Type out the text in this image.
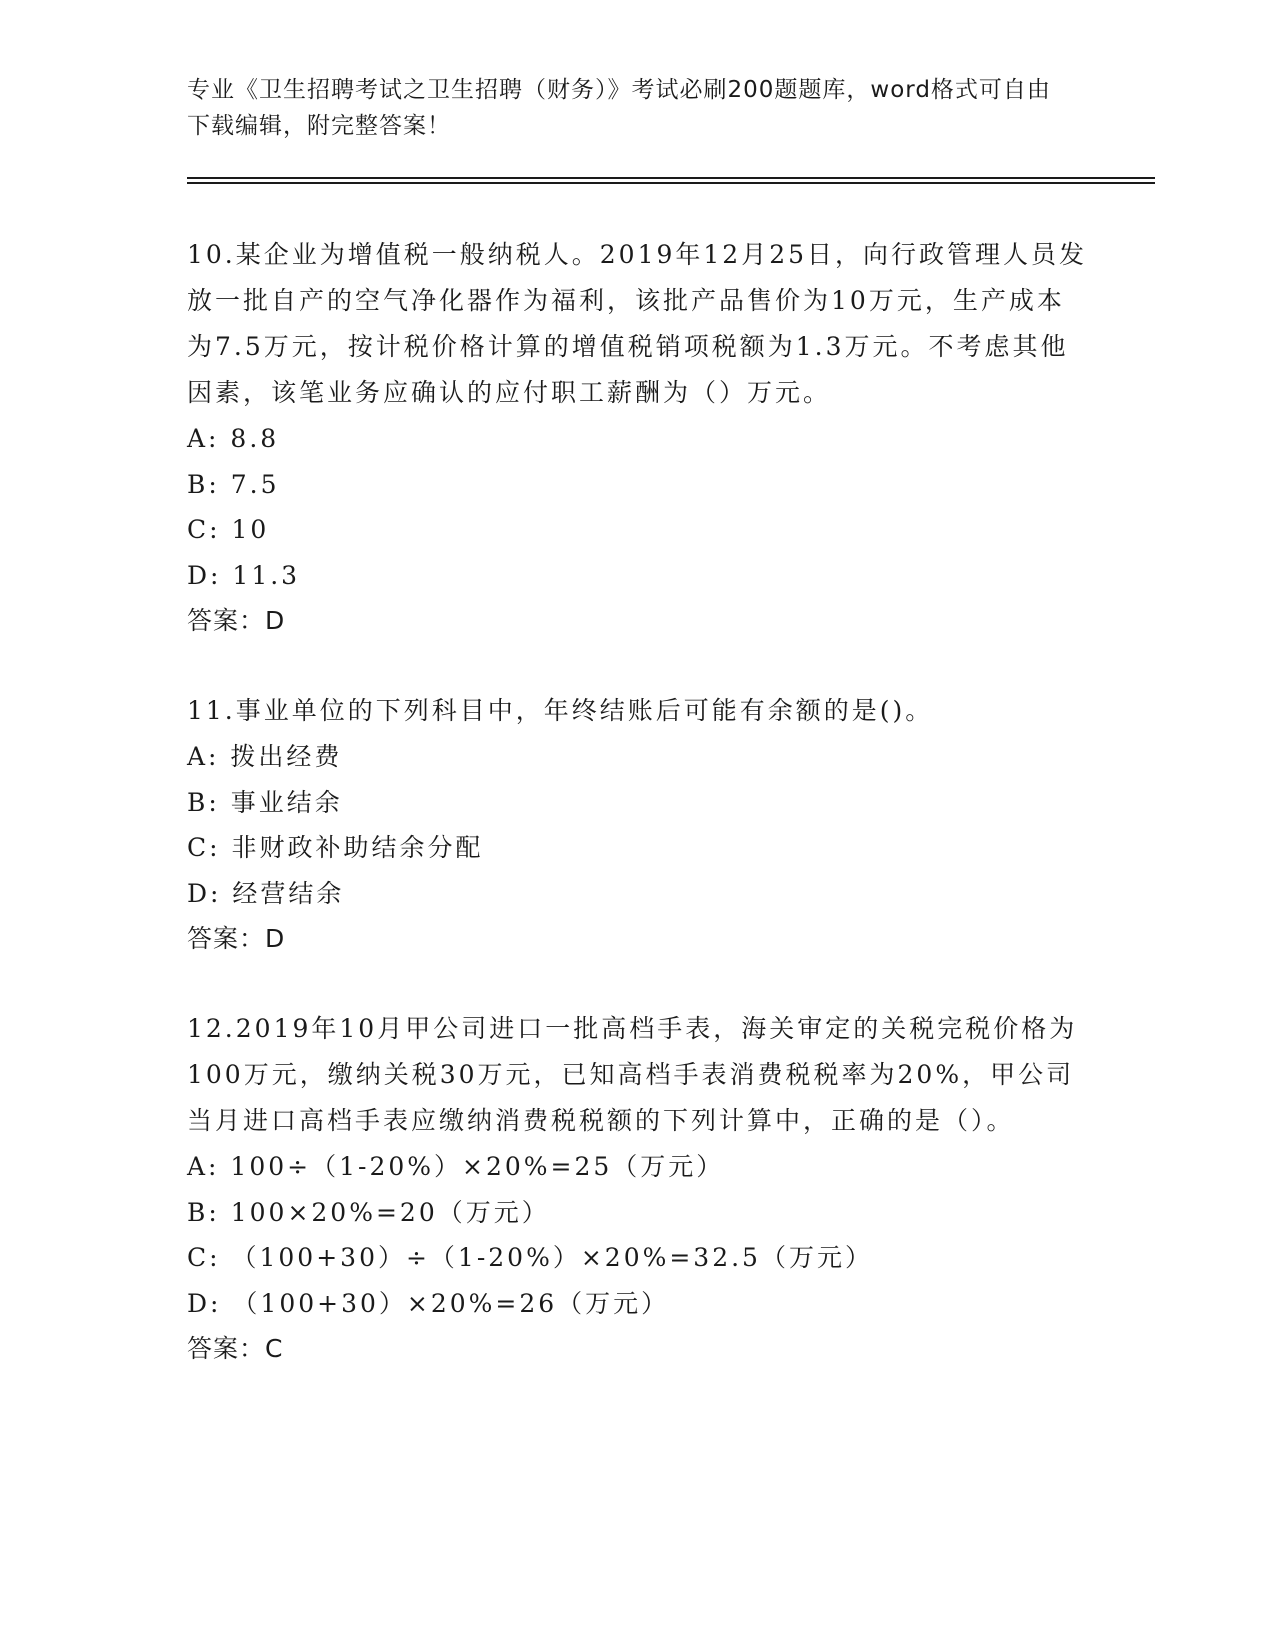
专业《卫生招聘考试之卫生招聘（财务）》考试必刷200题题库，word格式可自由下载编辑，附完整答案！
10.某企业为增值税一般纳税人。2019年12月25日，向行政管理人员发放一批自产的空气净化器作为福利，该批产品售价为10万元，生产成本为7.5万元，按计税价格计算的增值税销项税额为1.3万元。不考虑其他因素，该笔业务应确认的应付职工薪酬为（）万元。
A: 8.8
B: 7.5
C: 10
D: 11.3
答案：D
11.事业单位的下列科目中，年终结账后可能有余额的是()。
A: 拨出经费
B: 事业结余
C: 非财政补助结余分配
D: 经营结余
答案：D
12.2019年10月甲公司进口一批高档手表，海关审定的关税完税价格为100万元，缴纳关税30万元，已知高档手表消费税税率为20%，甲公司当月进口高档手表应缴纳消费税税额的下列计算中，正确的是（）。
A: 100÷（1-20%）×20%=25（万元）
B: 100×20%=20（万元）
C: （100+30）÷（1-20%）×20%=32.5（万元）
D: （100+30）×20%=26（万元）
答案：C
